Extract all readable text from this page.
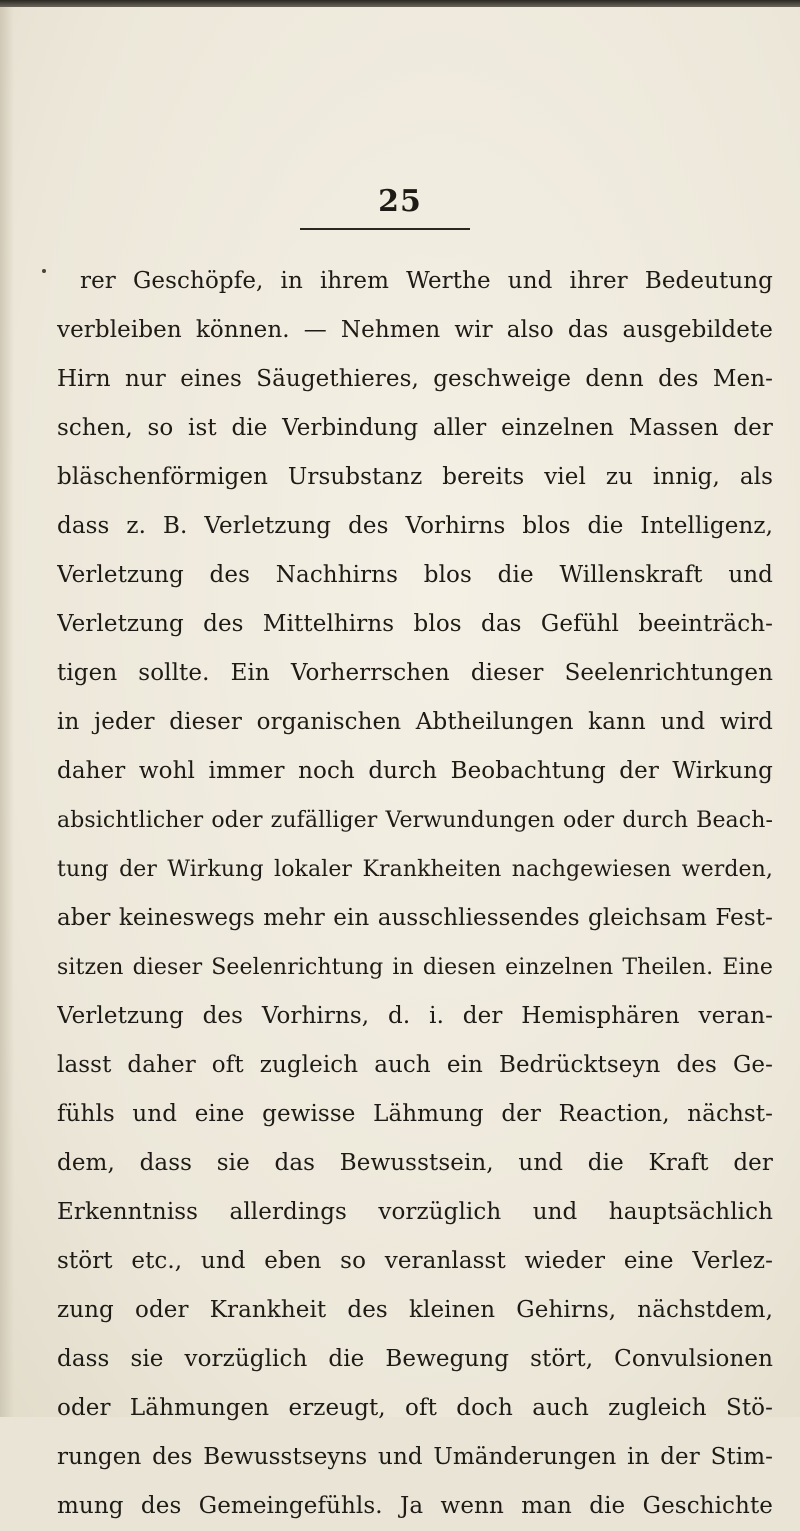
25
rer Geschöpfe, in ihrem Werthe und ihrer Bedeutung
verbleiben können. — Nehmen wir also das ausgebildete
Hirn nur eines Säugethieres, geschweige denn des Men-
schen, so ist die Verbindung aller einzelnen Massen der
bläschenförmigen Ursubstanz bereits viel zu innig, als
dass z. B. Verletzung des Vorhirns blos die Intelligenz,
Verletzung des Nachhirns blos die Willenskraft und
Verletzung des Mittelhirns blos das Gefühl beeinträch-
tigen sollte. Ein Vorherrschen dieser Seelenrichtungen
in jeder dieser organischen Abtheilungen kann und wird
daher wohl immer noch durch Beobachtung der Wirkung
absichtlicher oder zufälliger Verwundungen oder durch Beach-
tung der Wirkung lokaler Krankheiten nachgewiesen werden,
aber keineswegs mehr ein ausschliessendes gleichsam Fest-
sitzen dieser Seelenrichtung in diesen einzelnen Theilen. Eine
Verletzung des Vorhirns, d. i. der Hemisphären veran-
lasst daher oft zugleich auch ein Bedrücktseyn des Ge-
fühls und eine gewisse Lähmung der Reaction, nächst-
dem, dass sie das Bewusstsein, und die Kraft der
Erkenntniss allerdings vorzüglich und hauptsächlich
stört etc., und eben so veranlasst wieder eine Verlez-
zung oder Krankheit des kleinen Gehirns, nächstdem,
dass sie vorzüglich die Bewegung stört, Convulsionen
oder Lähmungen erzeugt, oft doch auch zugleich Stö-
rungen des Bewusstseyns und Umänderungen in der Stim-
mung des Gemeingefühls. Ja wenn man die Geschichte
